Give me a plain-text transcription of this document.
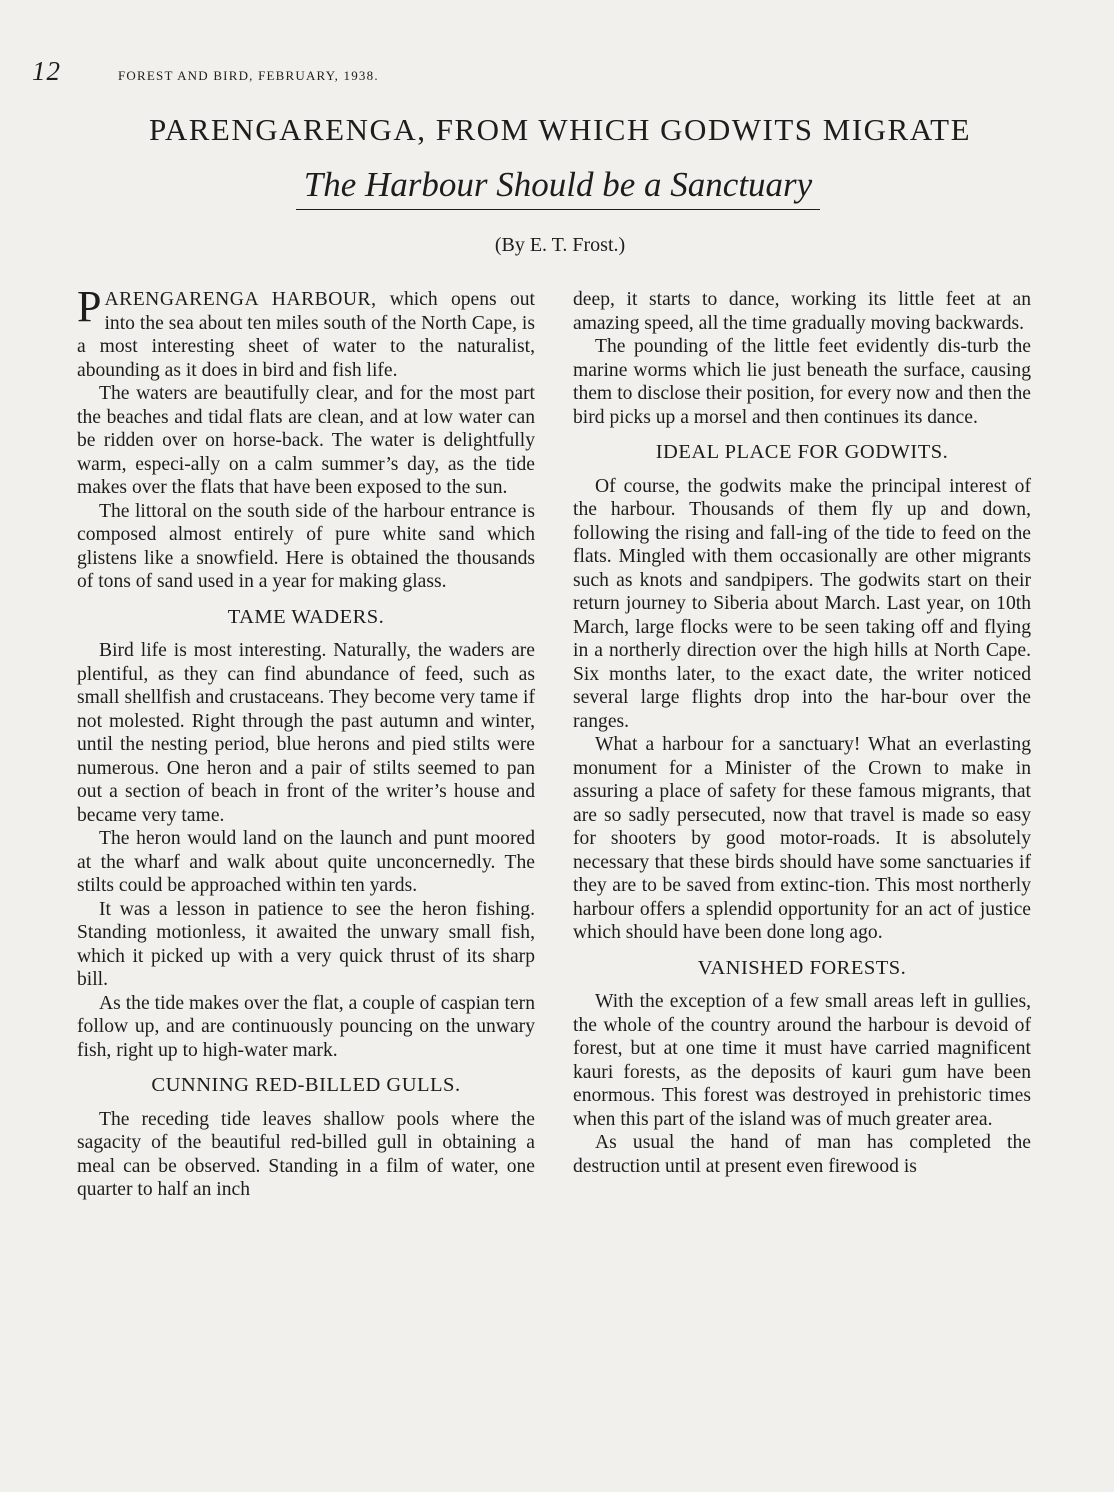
12	FOREST AND BIRD, FEBRUARY, 1938.
PARENGARENGA, FROM WHICH GODWITS MIGRATE
The Harbour Should be a Sanctuary
(By E. T. Frost.)

PARENGARENGA HARBOUR, which opens out into the sea about ten miles south of the North Cape, is a most interesting sheet of water to the naturalist, abounding as it does in bird and fish life.

The waters are beautifully clear, and for the most part the beaches and tidal flats are clean, and at low water can be ridden over on horse-back. The water is delightfully warm, especi-ally on a calm summer’s day, as the tide makes over the flats that have been exposed to the sun.

The littoral on the south side of the harbour entrance is composed almost entirely of pure white sand which glistens like a snowfield. Here is obtained the thousands of tons of sand used in a year for making glass.

TAME WADERS.

Bird life is most interesting. Naturally, the waders are plentiful, as they can find abundance of feed, such as small shellfish and crustaceans. They become very tame if not molested. Right through the past autumn and winter, until the nesting period, blue herons and pied stilts were numerous. One heron and a pair of stilts seemed to pan out a section of beach in front of the writer’s house and became very tame.

The heron would land on the launch and punt moored at the wharf and walk about quite unconcernedly. The stilts could be approached within ten yards.

It was a lesson in patience to see the heron fishing. Standing motionless, it awaited the unwary small fish, which it picked up with a very quick thrust of its sharp bill.

As the tide makes over the flat, a couple of caspian tern follow up, and are continuously pouncing on the unwary fish, right up to high-water mark.

CUNNING RED-BILLED GULLS.

The receding tide leaves shallow pools where the sagacity of the beautiful red-billed gull in obtaining a meal can be observed. Standing in a film of water, one quarter to half an inch

deep, it starts to dance, working its little feet at an amazing speed, all the time gradually moving backwards.

The pounding of the little feet evidently dis-turb the marine worms which lie just beneath the surface, causing them to disclose their position, for every now and then the bird picks up a morsel and then continues its dance.

IDEAL PLACE FOR GODWITS.

Of course, the godwits make the principal interest of the harbour. Thousands of them fly up and down, following the rising and fall-ing of the tide to feed on the flats. Mingled with them occasionally are other migrants such as knots and sandpipers. The godwits start on their return journey to Siberia about March. Last year, on 10th March, large flocks were to be seen taking off and flying in a northerly direction over the high hills at North Cape. Six months later, to the exact date, the writer noticed several large flights drop into the har-bour over the ranges.

What a harbour for a sanctuary! What an everlasting monument for a Minister of the Crown to make in assuring a place of safety for these famous migrants, that are so sadly persecuted, now that travel is made so easy for shooters by good motor-roads. It is absolutely necessary that these birds should have some sanctuaries if they are to be saved from extinc-tion. This most northerly harbour offers a splendid opportunity for an act of justice which should have been done long ago.

VANISHED FORESTS.

With the exception of a few small areas left in gullies, the whole of the country around the harbour is devoid of forest, but at one time it must have carried magnificent kauri forests, as the deposits of kauri gum have been enormous. This forest was destroyed in prehistoric times when this part of the island was of much greater area.

As usual the hand of man has completed the destruction until at present even firewood is
